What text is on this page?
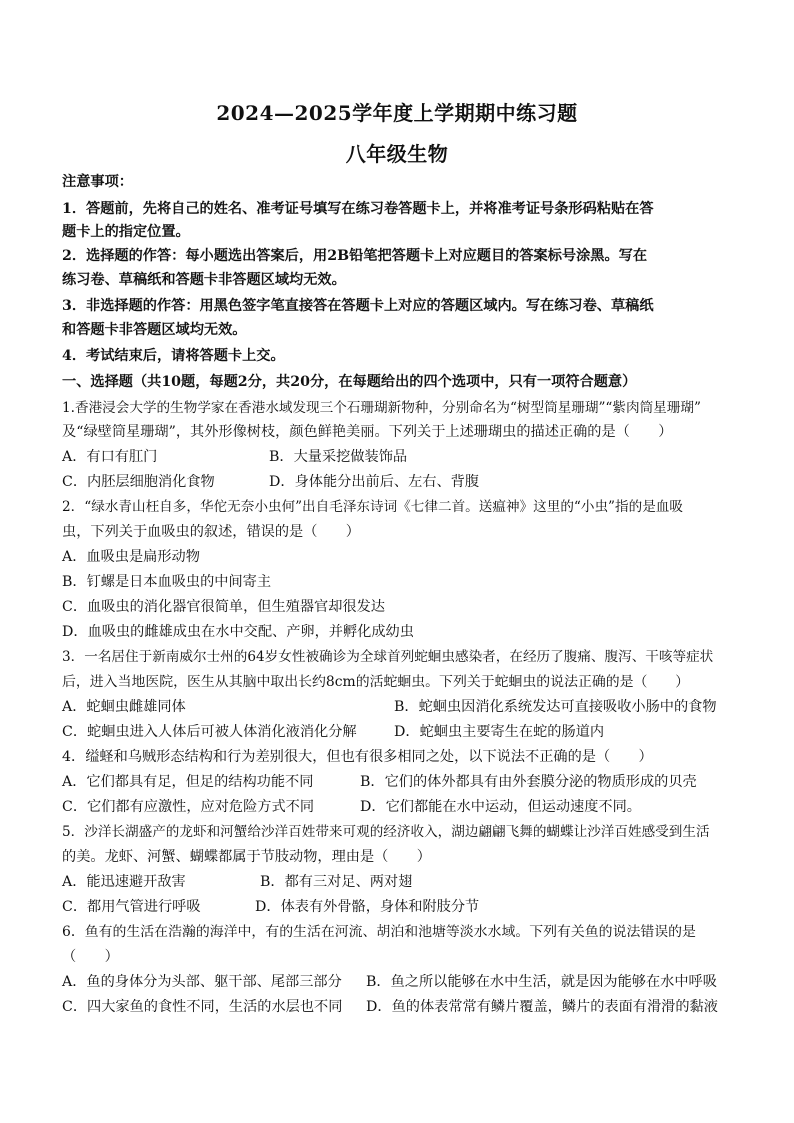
2024—2025学年度上学期期中练习题
八年级生物
注意事项：
1．答题前，先将自己的姓名、准考证号填写在练习卷答题卡上，并将准考证号条形码粘贴在答
题卡上的指定位置。
2．选择题的作答：每小题选出答案后，用2B铅笔把答题卡上对应题目的答案标号涂黑。写在
练习卷、草稿纸和答题卡非答题区域均无效。
3．非选择题的作答：用黑色签字笔直接答在答题卡上对应的答题区域内。写在练习卷、草稿纸
和答题卡非答题区域均无效。
4．考试结束后，请将答题卡上交。
一、选择题（共10题，每题2分，共20分，在每题给出的四个选项中，只有一项符合题意）
1.香港浸会大学的生物学家在香港水域发现三个石珊瑚新物种，分别命名为“树型筒星珊瑚”“紫肉筒星珊瑚”
及“绿壁筒星珊瑚”，其外形像树枝，颜色鲜艳美丽。下列关于上述珊瑚虫的描述正确的是（　　）
A．有口有肛门	B．大量采挖做装饰品
C．内胚层细胞消化食物	D．身体能分出前后、左右、背腹
2．“绿水青山枉自多，华佗无奈小虫何”出自毛泽东诗词《七律二首。送瘟神》这里的“小虫”指的是血吸
虫，下列关于血吸虫的叙述，错误的是（　　）
A．血吸虫是扁形动物
B．钉螺是日本血吸虫的中间寄主
C．血吸虫的消化器官很简单，但生殖器官却很发达
D．血吸虫的雌雄成虫在水中交配、产卵，并孵化成幼虫
3．一名居住于新南威尔士州的64岁女性被确诊为全球首列蛇蛔虫感染者，在经历了腹痛、腹泻、干咳等症状
后，进入当地医院，医生从其脑中取出长约8cm的活蛇蛔虫。下列关于蛇蛔虫的说法正确的是（　　）
A．蛇蛔虫雌雄同体	B．蛇蛔虫因消化系统发达可直接吸收小肠中的食物
C．蛇蛔虫进入人体后可被人体消化液消化分解	D．蛇蛔虫主要寄生在蛇的肠道内
4．缢蛏和乌贼形态结构和行为差别很大，但也有很多相同之处，以下说法不正确的是（　　）
A．它们都具有足，但足的结构功能不同	B．它们的体外都具有由外套膜分泌的物质形成的贝壳
C．它们都有应激性，应对危险方式不同	D．它们都能在水中运动，但运动速度不同。
5．沙洋长湖盛产的龙虾和河蟹给沙洋百姓带来可观的经济收入，湖边翩翩飞舞的蝴蝶让沙洋百姓感受到生活
的美。龙虾、河蟹、蝴蝶都属于节肢动物，理由是（　　）
A．能迅速避开敌害	B．都有三对足、两对翅
C．都用气管进行呼吸	D．体表有外骨骼，身体和附肢分节
6．鱼有的生活在浩瀚的海洋中，有的生活在河流、胡泊和池塘等淡水水域。下列有关鱼的说法错误的是
（　　）
A．鱼的身体分为头部、躯干部、尾部三部分 B．鱼之所以能够在水中生活，就是因为能够在水中呼吸
C．四大家鱼的食性不同，生活的水层也不同 D．鱼的体表常常有鳞片覆盖，鳞片的表面有滑滑的黏液
